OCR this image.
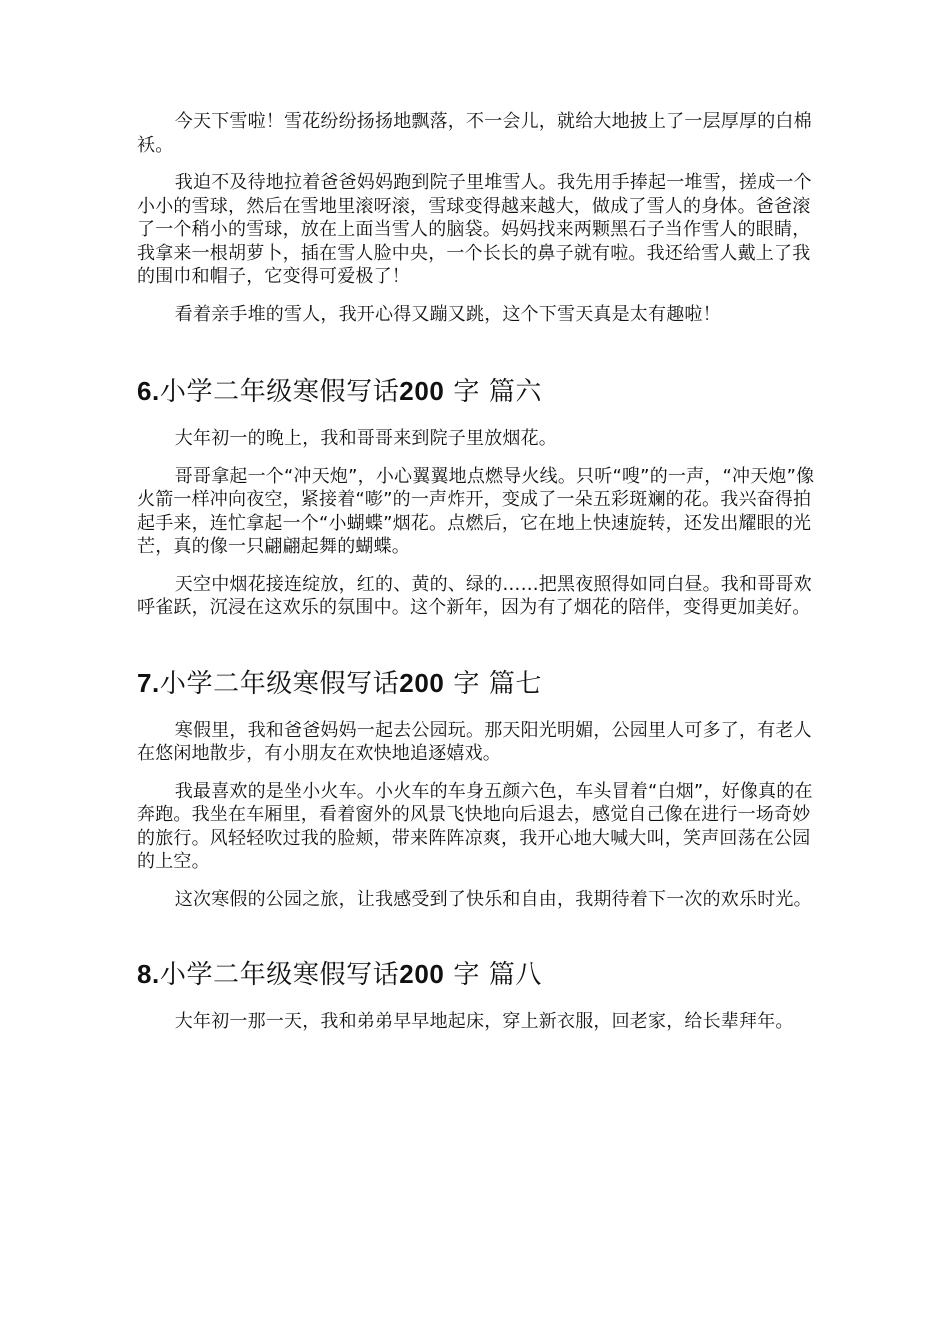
今天下雪啦！雪花纷纷扬扬地飘落，不一会儿，就给大地披上了一层厚厚的白棉袄。

我迫不及待地拉着爸爸妈妈跑到院子里堆雪人。我先用手捧起一堆雪，搓成一个小小的雪球，然后在雪地里滚呀滚，雪球变得越来越大，做成了雪人的身体。爸爸滚了一个稍小的雪球，放在上面当雪人的脑袋。妈妈找来两颗黑石子当作雪人的眼睛，我拿来一根胡萝卜，插在雪人脸中央，一个长长的鼻子就有啦。我还给雪人戴上了我的围巾和帽子，它变得可爱极了！

看着亲手堆的雪人，我开心得又蹦又跳，这个下雪天真是太有趣啦！

6.小学二年级寒假写话200 字 篇六

大年初一的晚上，我和哥哥来到院子里放烟花。

哥哥拿起一个“冲天炮”，小心翼翼地点燃导火线。只听“嗖”的一声，“冲天炮”像火箭一样冲向夜空，紧接着“嘭”的一声炸开，变成了一朵五彩斑斓的花。我兴奋得拍起手来，连忙拿起一个“小蝴蝶”烟花。点燃后，它在地上快速旋转，还发出耀眼的光芒，真的像一只翩翩起舞的蝴蝶。

天空中烟花接连绽放，红的、黄的、绿的……把黑夜照得如同白昼。我和哥哥欢呼雀跃，沉浸在这欢乐的氛围中。这个新年，因为有了烟花的陪伴，变得更加美好。

7.小学二年级寒假写话200 字 篇七

寒假里，我和爸爸妈妈一起去公园玩。那天阳光明媚，公园里人可多了，有老人在悠闲地散步，有小朋友在欢快地追逐嬉戏。

我最喜欢的是坐小火车。小火车的车身五颜六色，车头冒着“白烟”，好像真的在奔跑。我坐在车厢里，看着窗外的风景飞快地向后退去，感觉自己像在进行一场奇妙的旅行。风轻轻吹过我的脸颊，带来阵阵凉爽，我开心地大喊大叫，笑声回荡在公园的上空。

这次寒假的公园之旅，让我感受到了快乐和自由，我期待着下一次的欢乐时光。

8.小学二年级寒假写话200 字 篇八

大年初一那一天，我和弟弟早早地起床，穿上新衣服，回老家，给长辈拜年。
